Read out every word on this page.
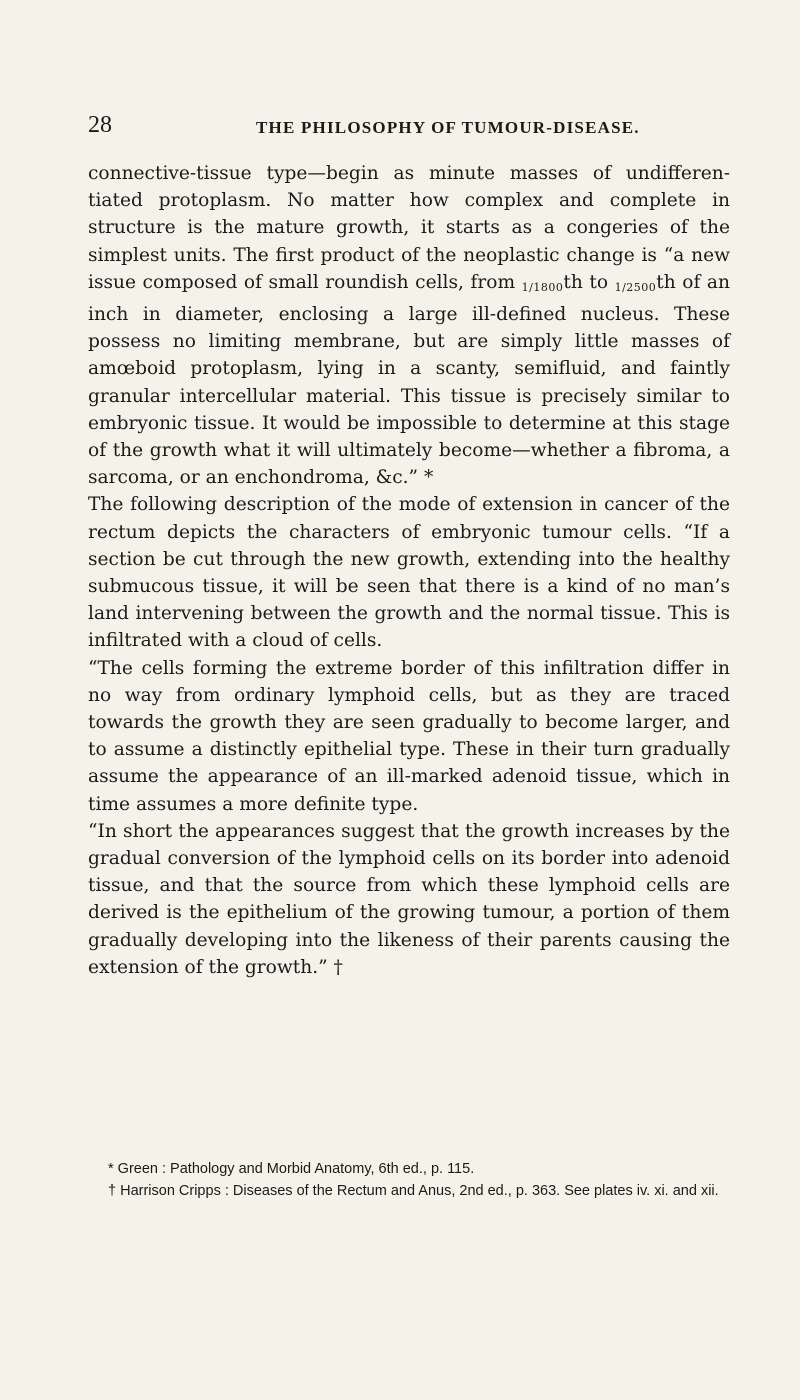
28	THE PHILOSOPHY OF TUMOUR-DISEASE.

connective-tissue type—begin as minute masses of undifferen-tiated protoplasm. No matter how complex and complete in structure is the mature growth, it starts as a congeries of the simplest units. The first product of the neoplastic change is “a new issue composed of small roundish cells, from 1/1800th to 1/2500th of an inch in diameter, enclosing a large ill-defined nucleus. These possess no limiting membrane, but are simply little masses of amœboid protoplasm, lying in a scanty, semifluid, and faintly granular intercellular material. This tissue is precisely similar to embryonic tissue. It would be impossible to determine at this stage of the growth what it will ultimately become—whether a fibroma, a sarcoma, or an enchondroma, &c.” *

The following description of the mode of extension in cancer of the rectum depicts the characters of embryonic tumour cells. “If a section be cut through the new growth, extending into the healthy submucous tissue, it will be seen that there is a kind of no man’s land intervening between the growth and the normal tissue. This is infiltrated with a cloud of cells.

“The cells forming the extreme border of this infiltration differ in no way from ordinary lymphoid cells, but as they are traced towards the growth they are seen gradually to become larger, and to assume a distinctly epithelial type. These in their turn gradually assume the appearance of an ill-marked adenoid tissue, which in time assumes a more definite type.

“In short the appearances suggest that the growth increases by the gradual conversion of the lymphoid cells on its border into adenoid tissue, and that the source from which these lymphoid cells are derived is the epithelium of the growing tumour, a portion of them gradually developing into the likeness of their parents causing the extension of the growth.” †

* Green : Pathology and Morbid Anatomy, 6th ed., p. 115.

† Harrison Cripps : Diseases of the Rectum and Anus, 2nd ed., p. 363. See plates iv. xi. and xii.
